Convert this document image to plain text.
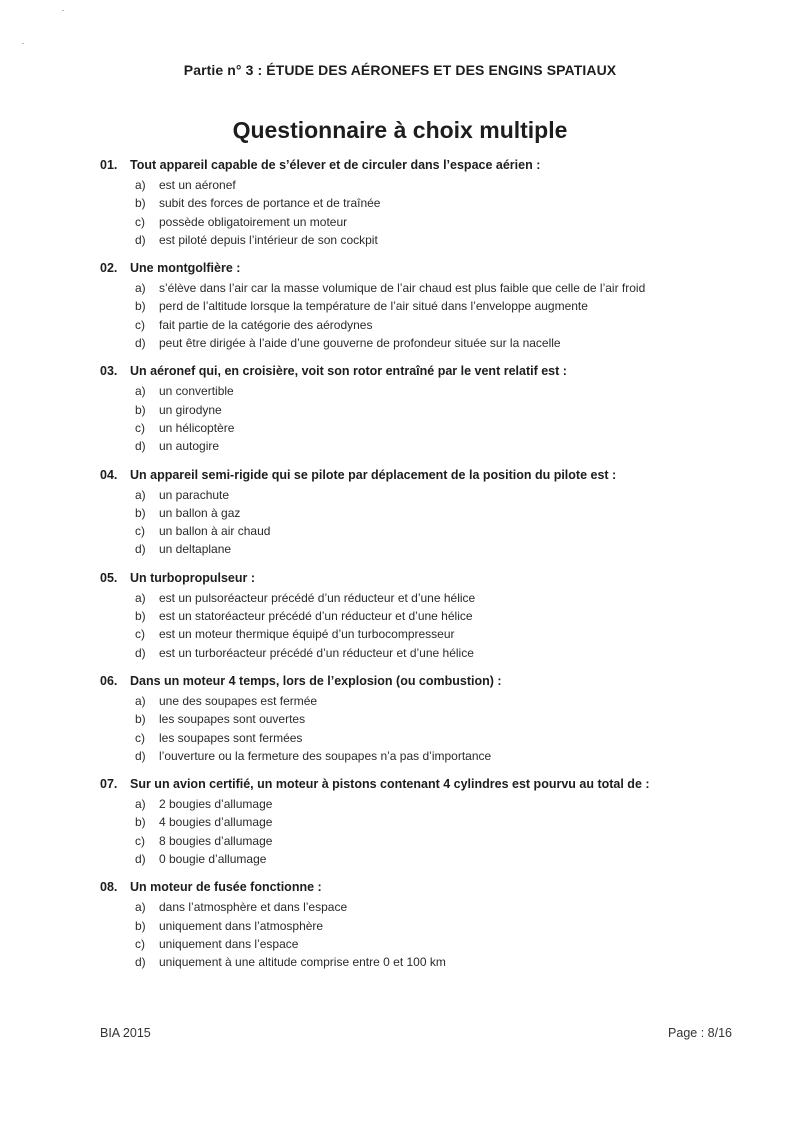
Partie n° 3 : ÉTUDE DES AÉRONEFS ET DES ENGINS SPATIAUX
Questionnaire à choix multiple
01.	Tout appareil capable de s’élever et de circuler dans l’espace aérien :
a)	est un aéronef
b)	subit des forces de portance et de traînée
c)	possède obligatoirement un moteur
d)	est piloté depuis l’intérieur de son cockpit
02.	Une montgolfière :
a)	s’élève dans l’air car la masse volumique de l’air chaud est plus faible que celle de l’air froid
b)	perd de l’altitude lorsque la température de l’air situé dans l’enveloppe augmente
c)	fait partie de la catégorie des aérodynes
d)	peut être dirigée à l’aide d’une gouverne de profondeur située sur la nacelle
03.	Un aéronef qui, en croisière, voit son rotor entraîné par le vent relatif est :
a)	un convertible
b)	un girodyne
c)	un hélicoptère
d)	un autogire
04.	Un appareil semi-rigide qui se pilote par déplacement de la position du pilote est :
a)	un parachute
b)	un ballon à gaz
c)	un ballon à air chaud
d)	un deltaplane
05.	Un turbopropulseur :
a)	est un pulsoréacteur précédé d’un réducteur et d’une hélice
b)	est un statoréacteur précédé d’un réducteur et d’une hélice
c)	est un moteur thermique équipé d’un turbocompresseur
d)	est un turboréacteur précédé d’un réducteur et d’une hélice
06.	Dans un moteur 4 temps, lors de l’explosion (ou combustion) :
a)	une des soupapes est fermée
b)	les soupapes sont ouvertes
c)	les soupapes sont fermées
d)	l’ouverture ou la fermeture des soupapes n’a pas d’importance
07.	Sur un avion certifié, un moteur à pistons contenant 4 cylindres est pourvu au total de :
a)	2 bougies d’allumage
b)	4 bougies d’allumage
c)	8 bougies d’allumage
d)	0 bougie d’allumage
08.	Un moteur de fusée fonctionne :
a)	dans l’atmosphère et dans l’espace
b)	uniquement dans l’atmosphère
c)	uniquement dans l’espace
d)	uniquement à une altitude comprise entre 0 et 100 km
BIA 2015	Page : 8/16
